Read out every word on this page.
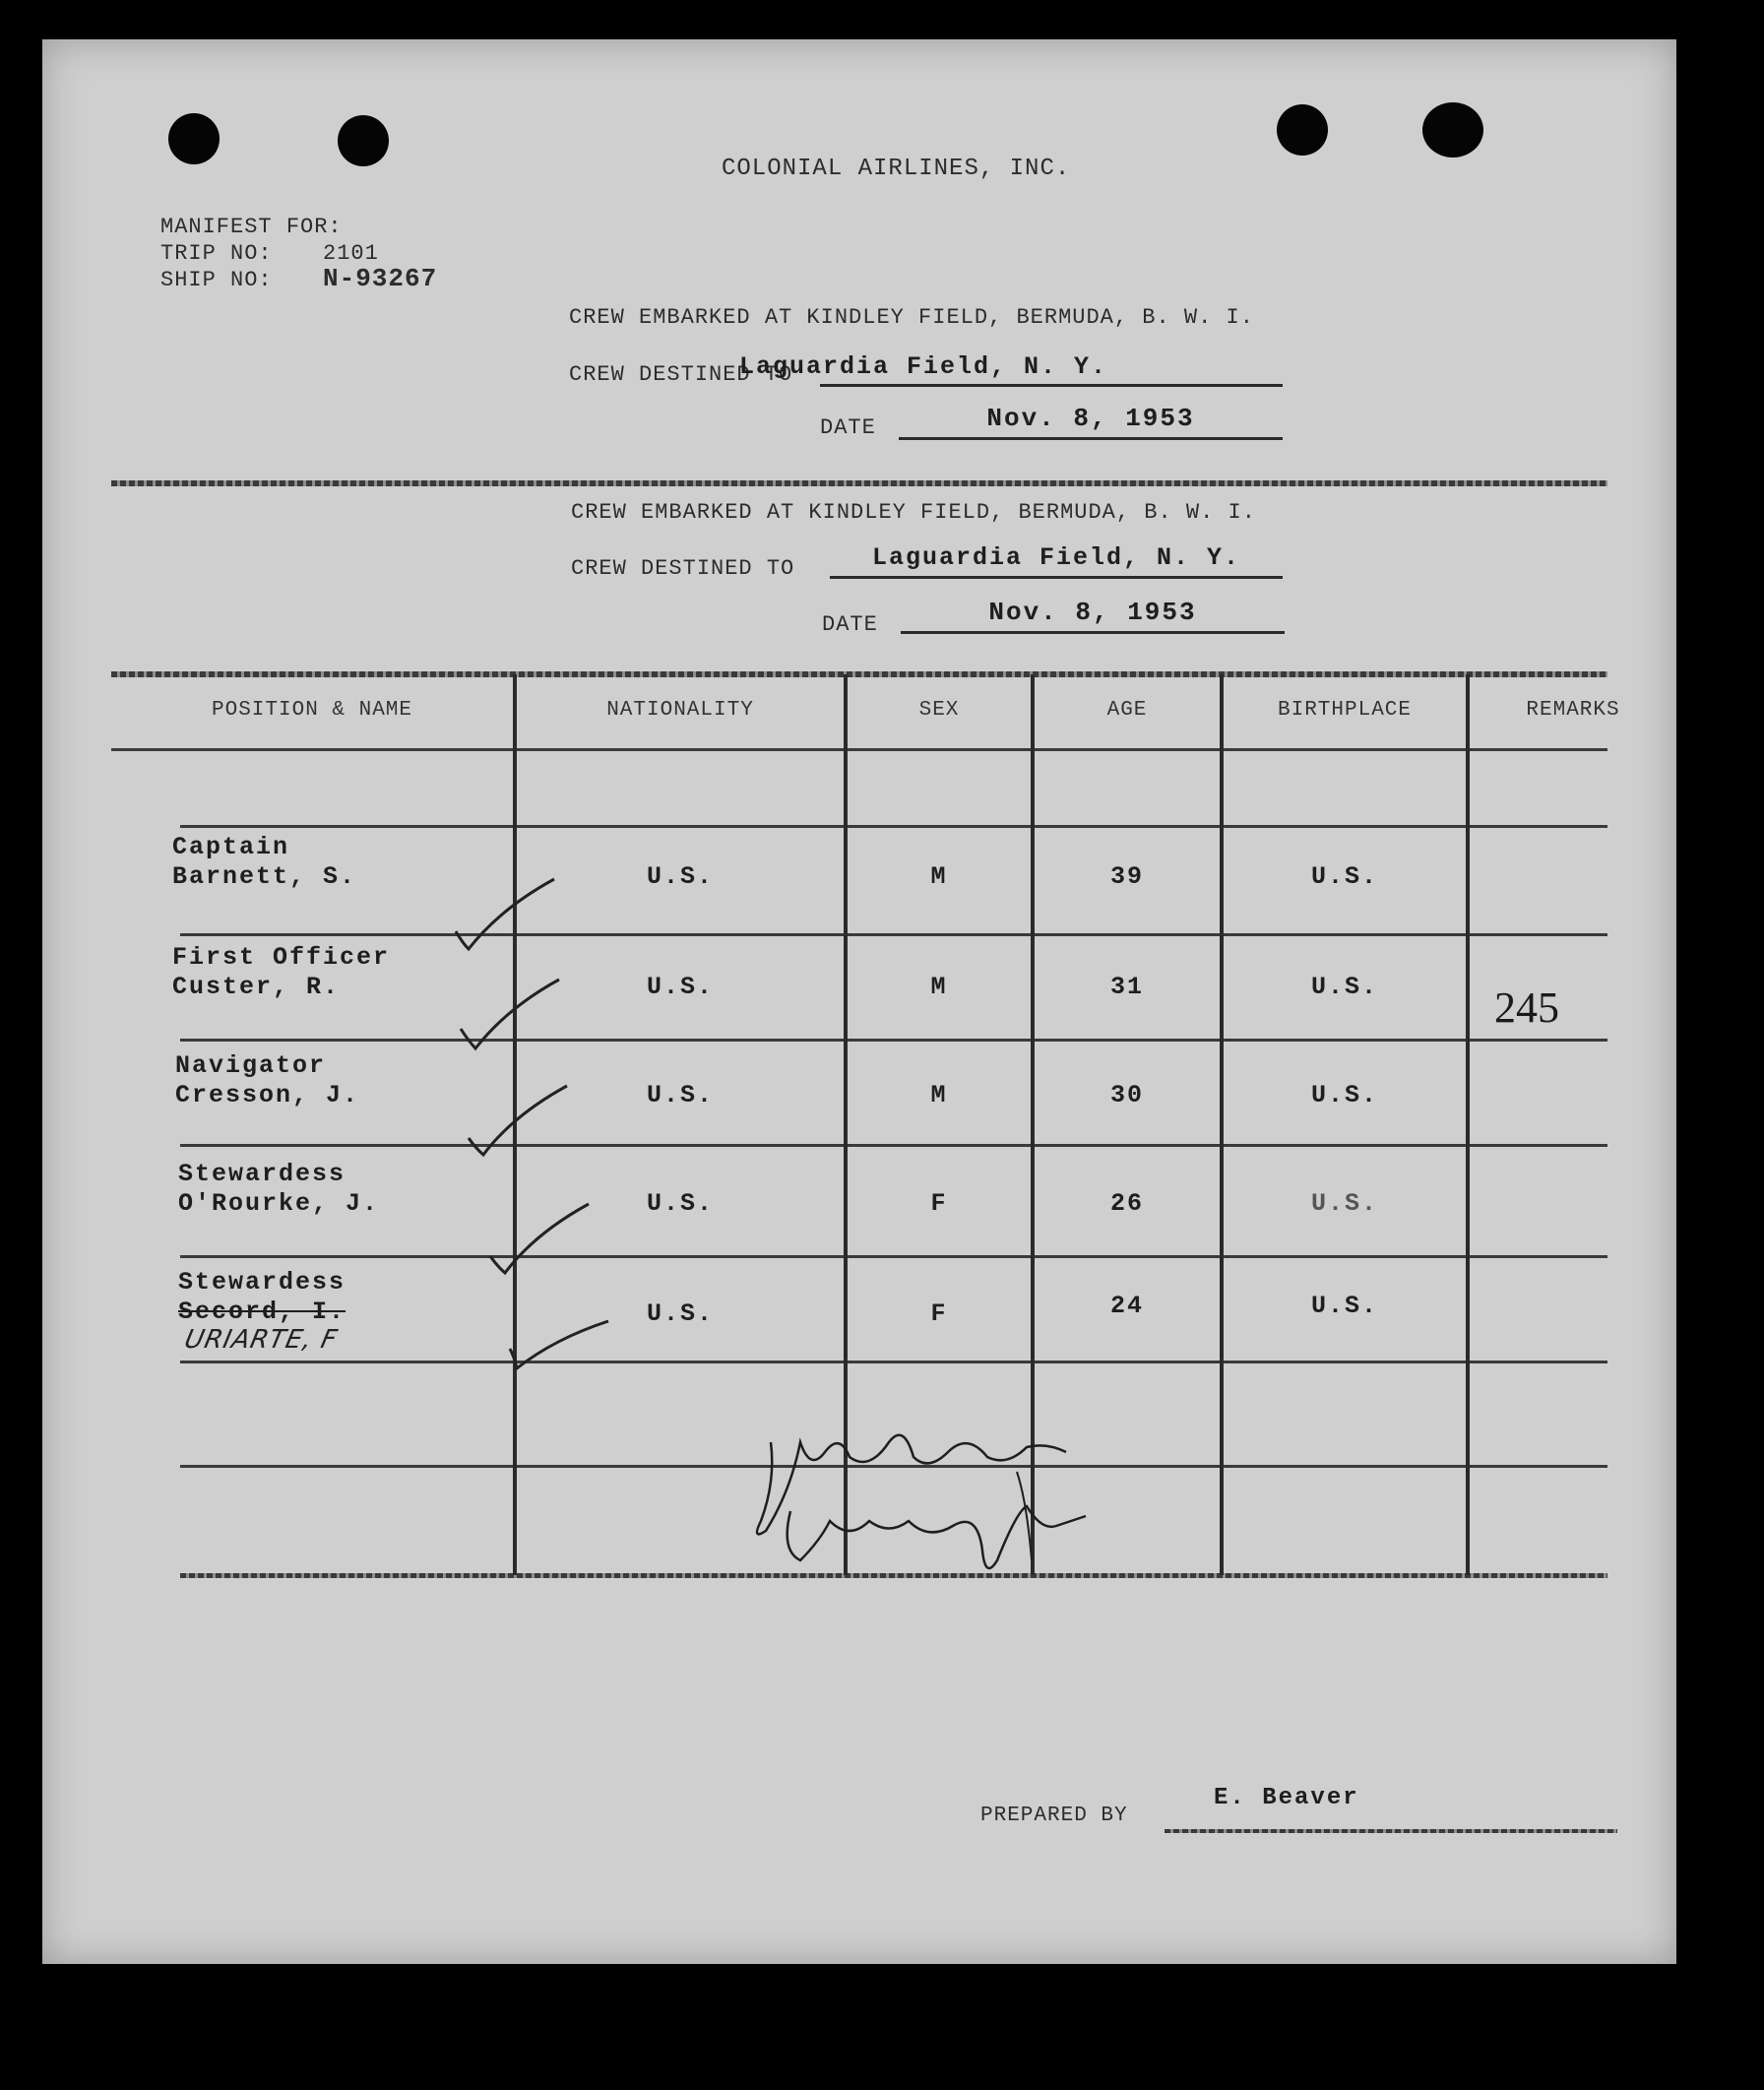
COLONIAL AIRLINES, INC.
MANIFEST FOR:
TRIP NO: 2101
SHIP NO: N-93267
CREW EMBARKED AT KINDLEY FIELD, BERMUDA, B. W. I.
CREW DESTINED TO
Laguardia Field, N. Y.
DATE	Nov. 8, 1953
CREW EMBARKED AT KINDLEY FIELD, BERMUDA, B. W. I.
CREW DESTINED TO	Laguardia Field, N. Y.
DATE	Nov. 8, 1953
POSITION & NAME	NATIONALITY	SEX	AGE	BIRTHPLACE	REMARKS
Captain
Barnett, S.	U.S.	M	39	U.S.
First Officer
Custer, R.	U.S.	M	31	U.S.	245
Navigator
Cresson, J.	U.S.	M	30	U.S.
Stewardess
O'Rourke, J.	U.S.	F	26	U.S.
Stewardess
Secord, I.
URIARTE, F
U.S.	F	24	U.S.
PREPARED BY
E. Beaver
